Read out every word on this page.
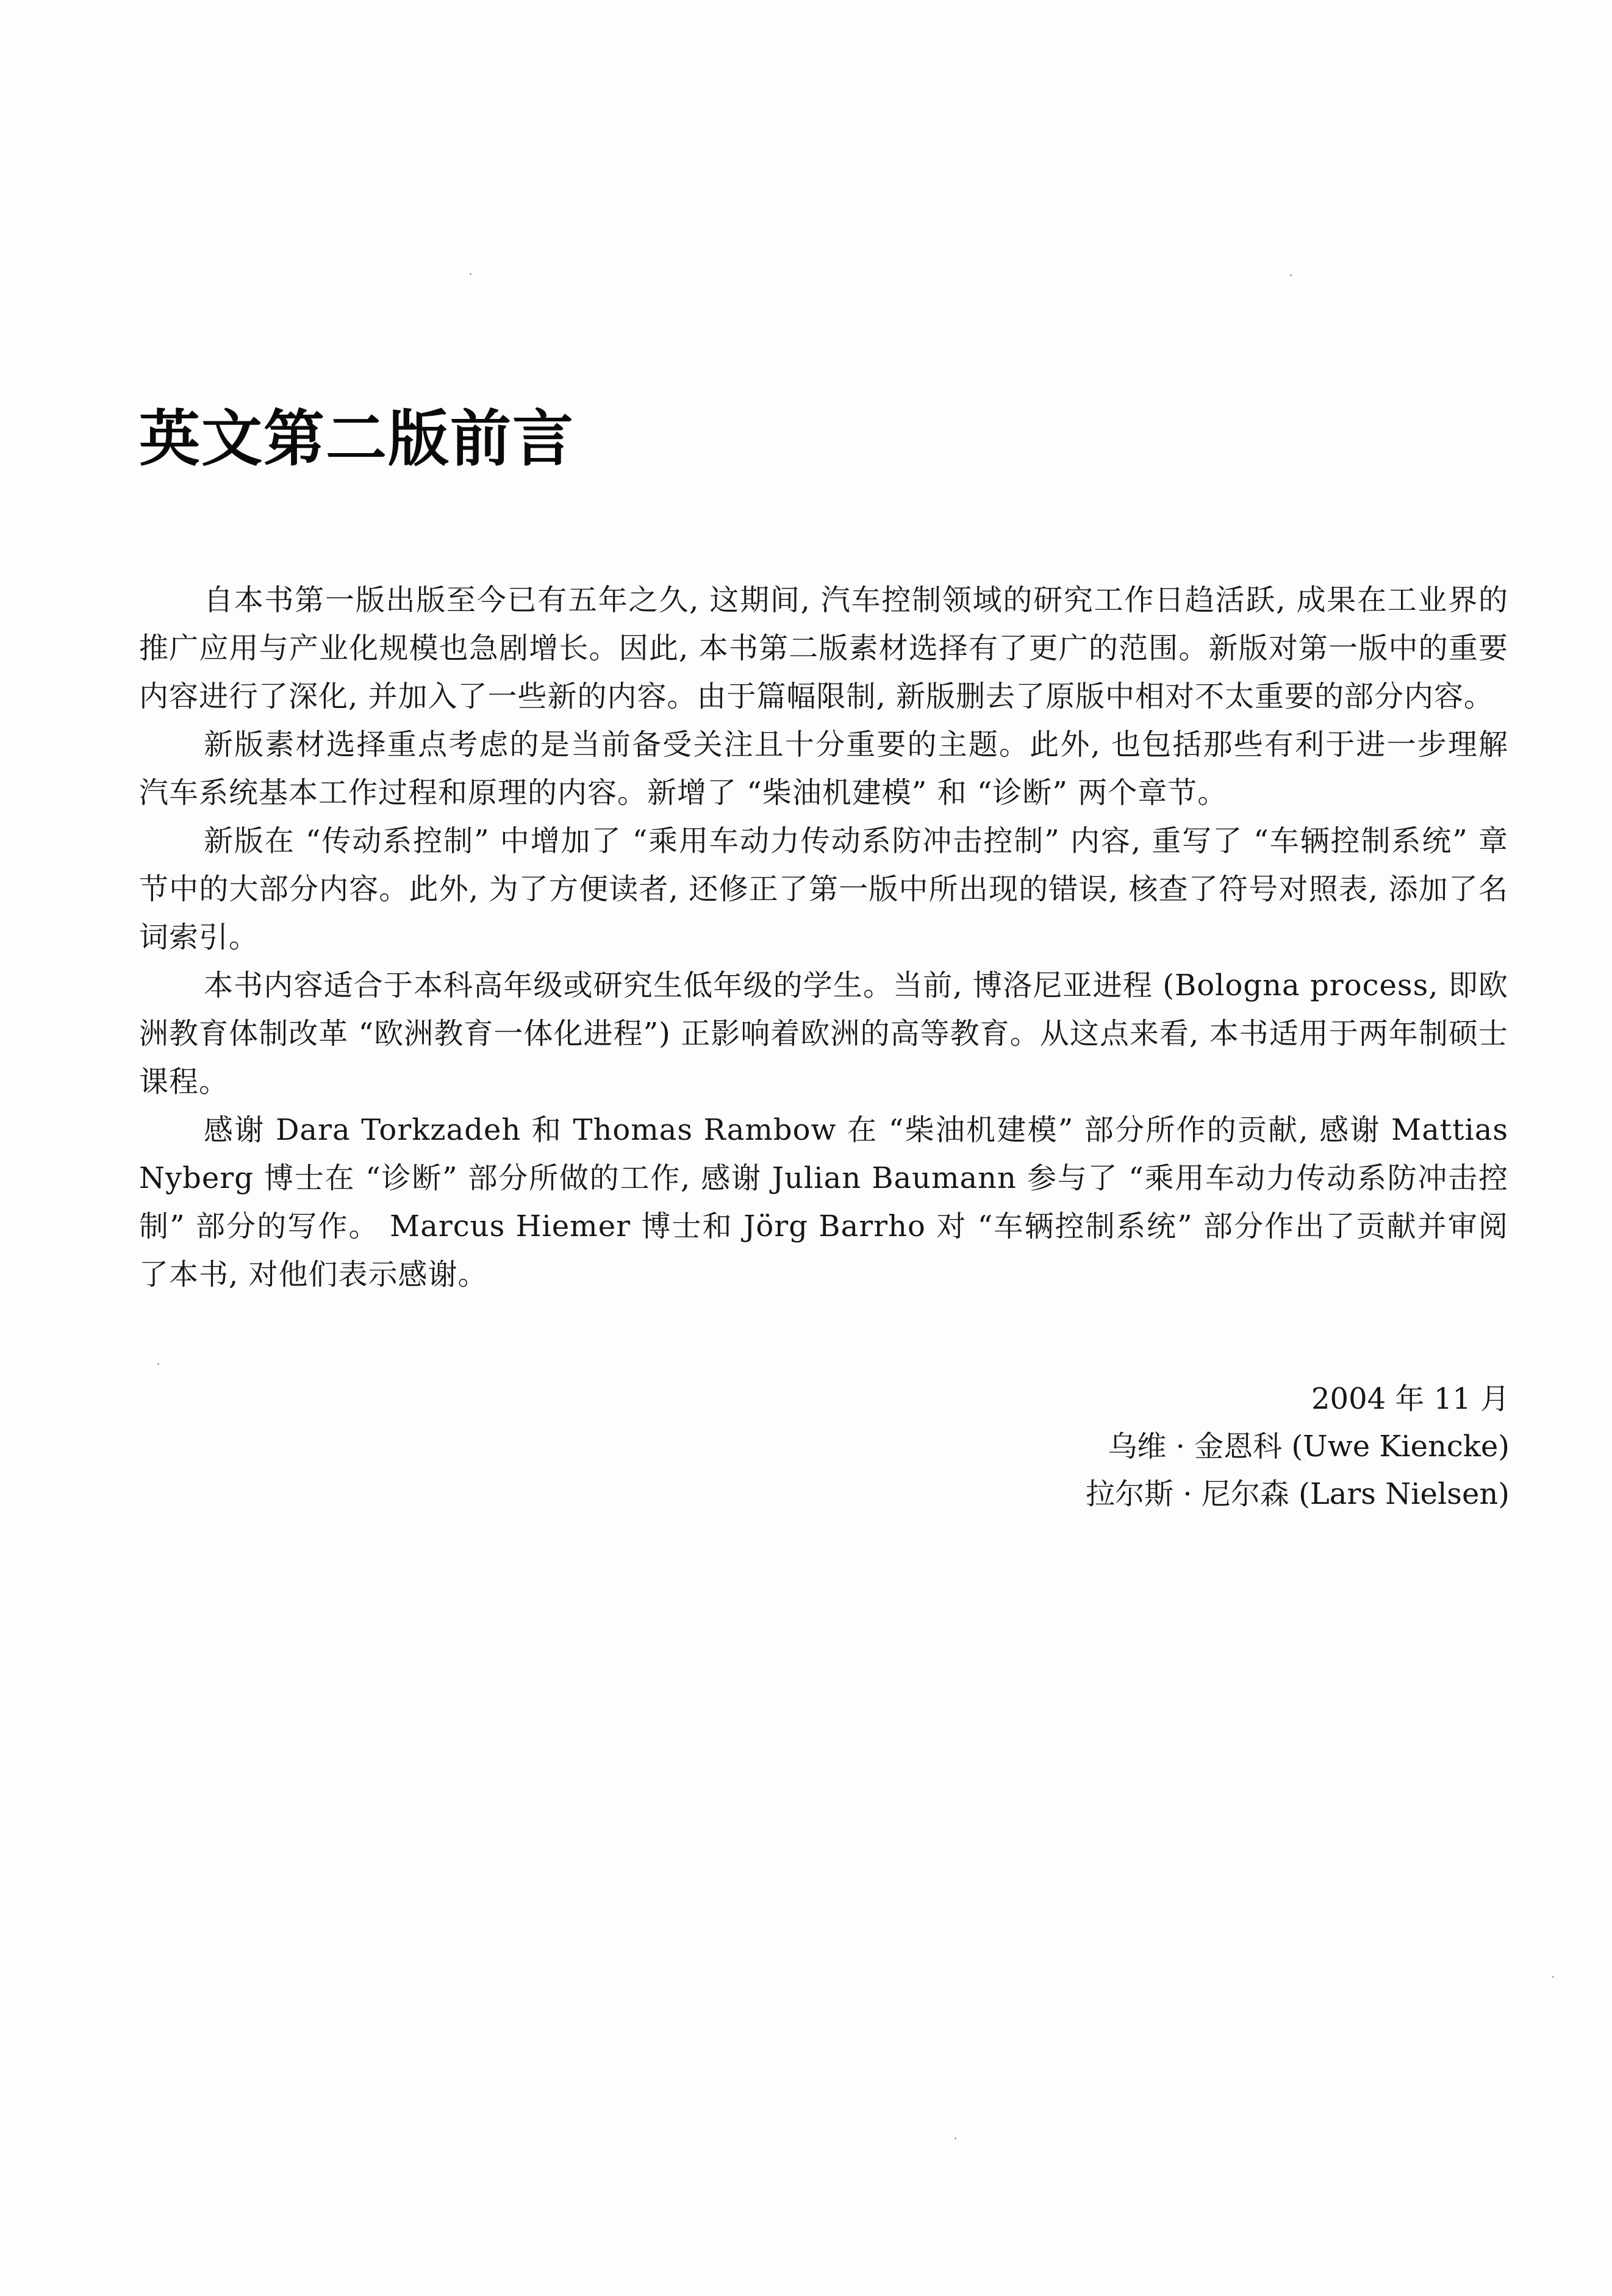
英文第二版前言

自本书第一版出版至今已有五年之久, 这期间, 汽车控制领域的研究工作日趋活跃, 成果在工业界的推广应用与产业化规模也急剧增长。因此, 本书第二版素材选择有了更广的范围。新版对第一版中的重要内容进行了深化, 并加入了一些新的内容。由于篇幅限制, 新版删去了原版中相对不太重要的部分内容。

新版素材选择重点考虑的是当前备受关注且十分重要的主题。此外, 也包括那些有利于进一步理解汽车系统基本工作过程和原理的内容。新增了 “柴油机建模” 和 “诊断” 两个章节。

新版在 “传动系控制” 中增加了 “乘用车动力传动系防冲击控制” 内容, 重写了 “车辆控制系统” 章节中的大部分内容。此外, 为了方便读者, 还修正了第一版中所出现的错误, 核查了符号对照表, 添加了名词索引。

本书内容适合于本科高年级或研究生低年级的学生。当前, 博洛尼亚进程 (Bologna process, 即欧洲教育体制改革 “欧洲教育一体化进程”) 正影响着欧洲的高等教育。从这点来看, 本书适用于两年制硕士课程。

感谢 Dara Torkzadeh 和 Thomas Rambow 在 “柴油机建模” 部分所作的贡献, 感谢 Mattias Nyberg 博士在 “诊断” 部分所做的工作, 感谢 Julian Baumann 参与了 “乘用车动力传动系防冲击控制” 部分的写作。 Marcus Hiemer 博士和 Jörg Barrho 对 “车辆控制系统” 部分作出了贡献并审阅了本书, 对他们表示感谢。

2004 年 11 月
乌维 · 金恩科 (Uwe Kiencke)
拉尔斯 · 尼尔森 (Lars Nielsen)
